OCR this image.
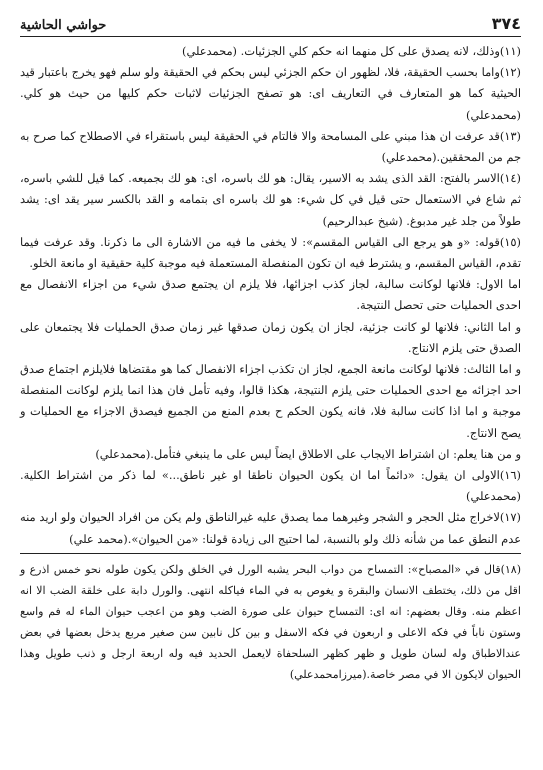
٣٧٤
حواشي الحاشية

(١١)وذلك، لانه يصدق على كل منهما انه حكم كلي الجزئيات. (محمدعلي)

(١٢)واما بحسب الحقيقة، فلا، لظهور ان حكم الجزئي ليس بحكم في الحقيقة ولو سلم فهو يخرج باعتبار قيد الحيثية كما هو المتعارف في التعاريف اى: هو تصفح الجزئيات لاثبات حكم كليها من حيث هو كلي.(محمدعلي)

(١٣)قد عرفت ان هذا مبني على المسامحة والا فالتام في الحقيقة ليس باستقراء في الاصطلاح كما صرح به جم من المحققين.(محمدعلي)

(١٤)الاسر بالفتح: القد الذى يشد به الاسير، يقال: هو لك باسره، اى: هو لك بجميعه. كما قيل للشي باسره، ثم شاع في الاستعمال حتى قيل في كل شيء: هو لك باسره اى بتمامه و القد بالكسر سير يقد اى: يشد طولاً من جلد غير مدبوغ. (شيخ عبدالرحيم)

(١٥)قوله: «و هو يرجع الى القياس المقسم»: لا يخفى ما فيه من الاشارة الى ما ذكرنا. وقد عرفت فيما تقدم، القياس المقسم، و يشترط فيه ان تكون المنفصلة المستعملة فيه موجبة كلية حقيقية او مانعة الخلو.

اما الاول: فلانها لوكانت سالبة، لجاز كذب اجزائها، فلا يلزم ان يجتمع صدق شيء من اجزاء الانفصال مع احدى الحمليات حتى تحصل النتيجة.

و اما الثاني: فلانها لو كانت جزئية، لجاز ان يكون زمان صدقها غير زمان صدق الحمليات فلا يجتمعان على الصدق حتى يلزم الانتاج.

و اما الثالث: فلانها لوكانت مانعة الجمع، لجاز ان تكذب اجزاء الانفصال كما هو مقتضاها فلايلزم اجتماع صدق احد اجزائه مع احدى الحمليات حتى يلزم النتيجة، هكذا قالوا، وفيه تأمل فان هذا انما يلزم لوكانت المنفصلة موجبة و اما اذا كانت سالبة فلا، فانه يكون الحكم ح بعدم المنع من الجميع فيصدق الاجزاء مع الحمليات و يصح الانتاج.

و من هنا يعلم: ان اشتراط الايجاب على الاطلاق ايضاً ليس على ما ينبغي فتأمل.(محمدعلي)

(١٦)الاولى ان يقول: «دائماً اما ان يكون الحيوان ناطقا او غير ناطق...» لما ذكر من اشتراط الكلية. (محمدعلي)

(١٧)لاخراج مثل الحجر و الشجر وغيرهما مما يصدق عليه غيرالناطق ولم يكن من افراد الحيوان ولو اريد منه عدم النطق عما من شأنه ذلك ولو بالنسبة، لما احتيج الى زيادة قولنا: «من الحيوان».(محمد علي)

(١٨)قال في «المصباح»: التمساح من دواب البحر يشبه الورل في الخلق ولكن يكون طوله نحو خمس اذرع و اقل من ذلك، يختطف الانسان والبقرة و يغوص به في الماء فياكله انتهى. والورل دابة على خلقة الضب الا انه اعظم منه. وقال بعضهم: انه اى: التمساح حيوان على صورة الضب وهو من اعجب حيوان الماء له فم واسع وستون ناباً في فكه الاعلى و اربعون في فكه الاسفل و بين كل نابين سن صغير مربع يدخل بعضها في بعض عندالاطباق وله لسان طويل و ظهر كظهر السلحفاة لايعمل الحديد فيه وله اربعة ارجل و ذنب طويل وهذا الحيوان لايكون الا في مصر خاصة.(ميرزامحمدعلي)
